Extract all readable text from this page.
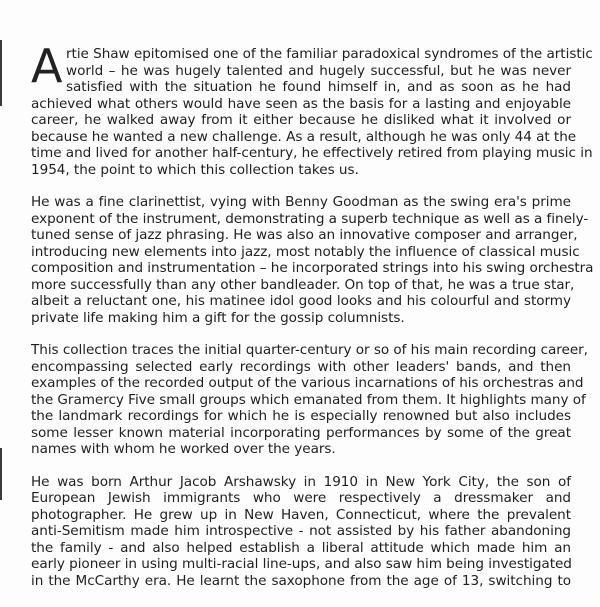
A rtie Shaw epitomised one of the familiar paradoxical syndromes of the artistic
world – he was hugely talented and hugely successful, but he was never
satisfied with the situation he found himself in, and as soon as he had
achieved what others would have seen as the basis for a lasting and enjoyable
career, he walked away from it either because he disliked what it involved or
because he wanted a new challenge. As a result, although he was only 44 at the
time and lived for another half-century, he effectively retired from playing music in
1954, the point to which this collection takes us.
He was a fine clarinettist, vying with Benny Goodman as the swing era's prime
exponent of the instrument, demonstrating a superb technique as well as a finely-
tuned sense of jazz phrasing. He was also an innovative composer and arranger,
introducing new elements into jazz, most notably the influence of classical music
composition and instrumentation – he incorporated strings into his swing orchestra
more successfully than any other bandleader. On top of that, he was a true star,
albeit a reluctant one, his matinee idol good looks and his colourful and stormy
private life making him a gift for the gossip columnists.
This collection traces the initial quarter-century or so of his main recording career,
encompassing selected early recordings with other leaders' bands, and then
examples of the recorded output of the various incarnations of his orchestras and
the Gramercy Five small groups which emanated from them. It highlights many of
the landmark recordings for which he is especially renowned but also includes
some lesser known material incorporating performances by some of the great
names with whom he worked over the years.
He was born Arthur Jacob Arshawsky in 1910 in New York City, the son of
European Jewish immigrants who were respectively a dressmaker and
photographer. He grew up in New Haven, Connecticut, where the prevalent
anti-Semitism made him introspective - not assisted by his father abandoning
the family - and also helped establish a liberal attitude which made him an
early pioneer in using multi-racial line-ups, and also saw him being investigated
in the McCarthy era. He learnt the saxophone from the age of 13, switching to
